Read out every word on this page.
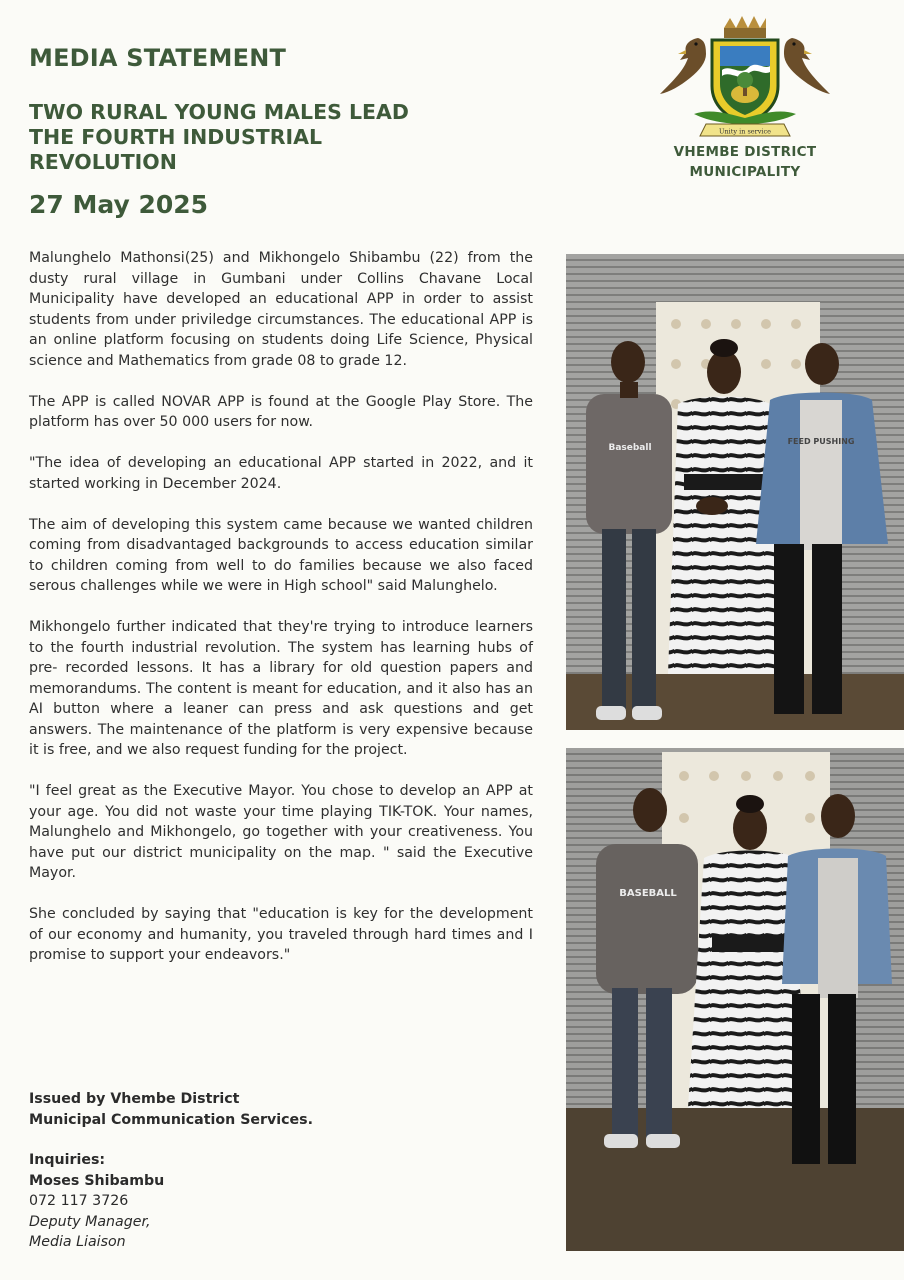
MEDIA STATEMENT
TWO RURAL YOUNG MALES LEAD
THE FOURTH INDUSTRIAL
REVOLUTION
27 May 2025
Unity in service
VHEMBE DISTRICT
MUNICIPALITY

Malunghelo Mathonsi(25) and Mikhongelo Shibambu (22) from the dusty rural village in Gumbani under Collins Chavane Local Municipality have developed an educational APP in order to assist students from under priviledge circumstances. The educational APP is an online platform focusing on students doing Life Science, Physical science and Mathematics from grade 08 to grade 12.

The APP is called NOVAR APP is found at the Google Play Store. The platform has over 50 000 users for now.

"The idea of developing an educational APP started in 2022, and it started working in December 2024.

The aim of developing this system came because we wanted children coming from disadvantaged backgrounds to access education similar to children coming from well to do families because we also faced serous challenges while we were in High school" said Malunghelo.

Mikhongelo further indicated that they're trying to introduce learners to the fourth industrial revolution. The system has learning hubs of pre- recorded lessons. It has a library for old question papers and memorandums. The content is meant for education, and it also has an AI button where a leaner can press and ask questions and get answers. The maintenance of the platform is very expensive because it is free, and we also request funding for the project.

"I feel great as the Executive Mayor. You chose to develop an APP at your age. You did not waste your time playing TIK-TOK. Your names, Malunghelo and Mikhongelo, go together with your creativeness. You have put our district municipality on the map. " said the Executive Mayor.

She concluded by saying that "education is key for the development of our economy and humanity, you traveled through hard times and I promise to support your endeavors."

Issued by Vhembe District
Municipal Communication Services.
Inquiries:
Moses Shibambu
072 117 3726
Deputy Manager,
Media Liaison
Baseball
FEED PUSHING
BASEBALL
